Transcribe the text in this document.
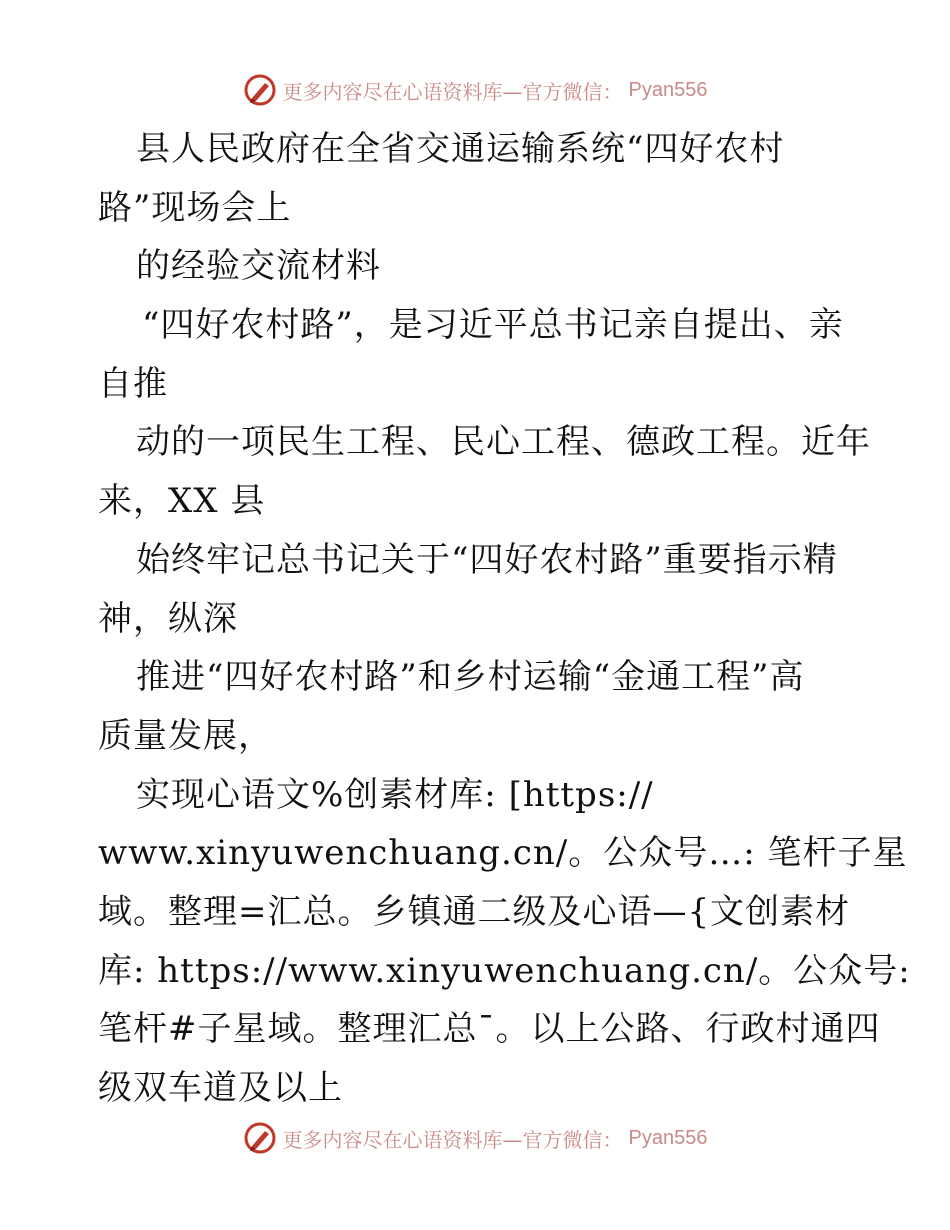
更多内容尽在心语资料库—官方微信： Pyan556
县人民政府在全省交通运输系统“四好农村
路”现场会上
的经验交流材料
“四好农村路”，是习近平总书记亲自提出、亲
自推
动的一项民生工程、民心工程、德政工程。近年
来，XX 县
始终牢记总书记关于“四好农村路”重要指示精
神，纵深
推进“四好农村路”和乡村运输“金通工程”高
质量发展，
实现心语文%创素材库: [https://
www.xinyuwenchuang.cn/。公众号…: 笔杆子星
域。整理=汇总。乡镇通二级及心语—{文创素材
库: https://www.xinyuwenchuang.cn/。公众号:
笔杆#子星域。整理汇总¯。以上公路、行政村通四
级双车道及以上
更多内容尽在心语资料库—官方微信： Pyan556
